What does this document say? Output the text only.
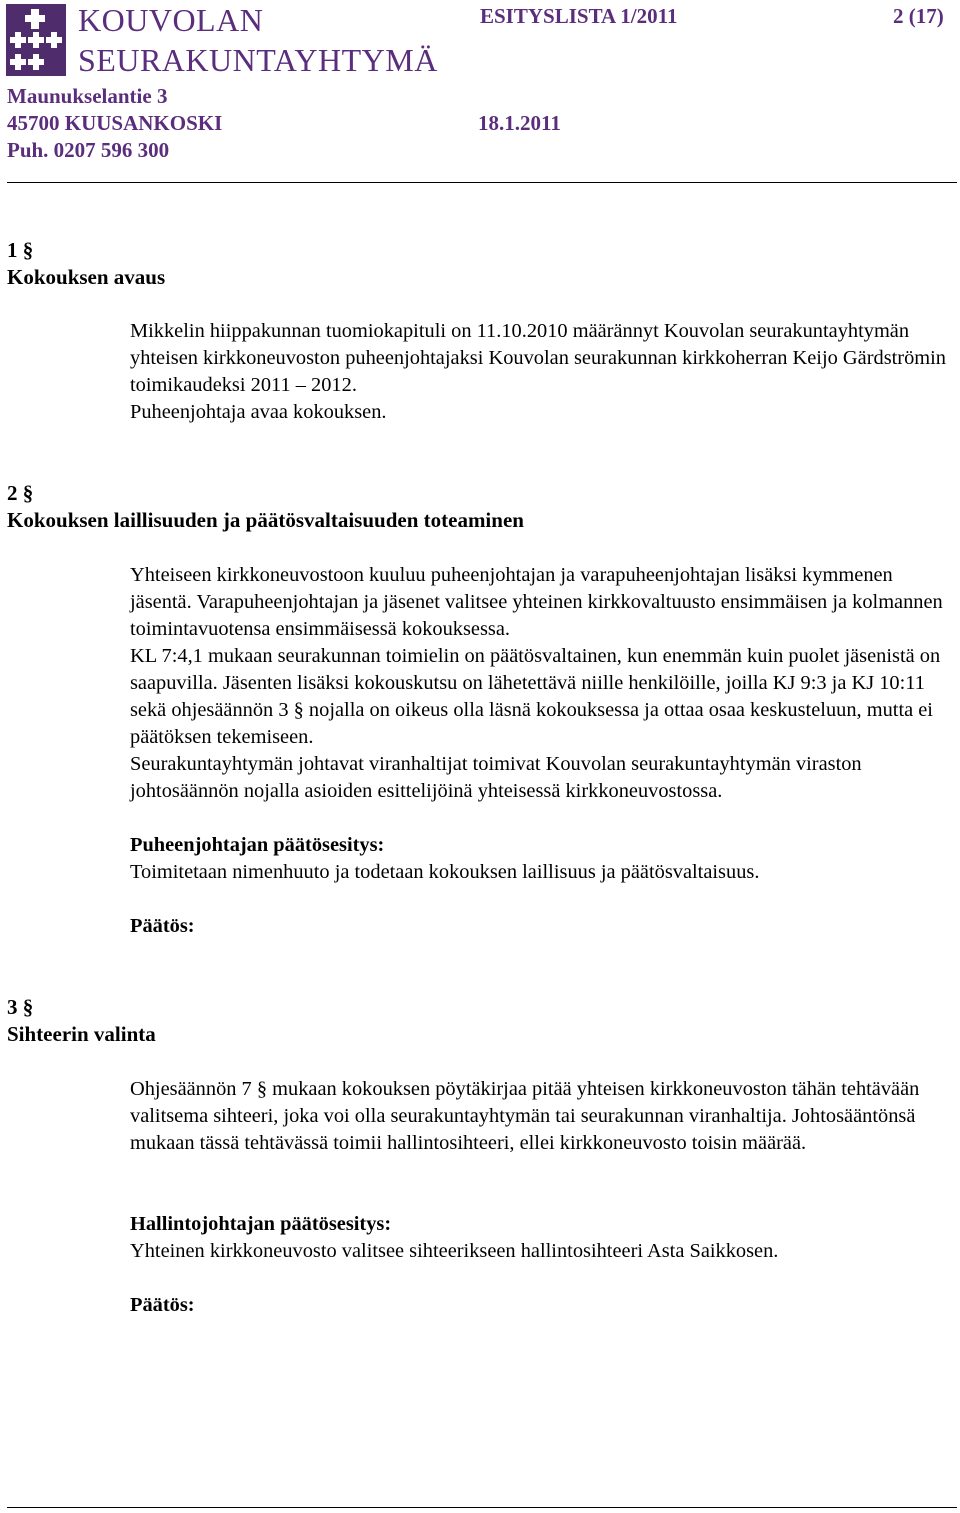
KOUVOLAN
SEURAKUNTAYHTYMÄ
ESITYSLISTA 1/2011	2 (17)
Maunukselantie 3
45700 KUUSANKOSKI	18.1.2011
Puh. 0207 596 300
1 §
Kokouksen avaus
Mikkelin hiippakunnan tuomiokapituli on 11.10.2010 määrännyt Kouvolan seurakuntayhtymän yhteisen kirkkoneuvoston puheenjohtajaksi Kouvolan seurakunnan kirkkoherran Keijo Gärdströmin toimikaudeksi 2011 – 2012.
Puheenjohtaja avaa kokouksen.
2 §
Kokouksen laillisuuden ja päätösvaltaisuuden toteaminen
Yhteiseen kirkkoneuvostoon kuuluu puheenjohtajan ja varapuheenjohtajan lisäksi kymmenen jäsentä. Varapuheenjohtajan ja jäsenet valitsee yhteinen kirkkovaltuusto ensimmäisen ja kolmannen toimintavuotensa ensimmäisessä kokouksessa.
KL 7:4,1 mukaan seurakunnan toimielin on päätösvaltainen, kun enemmän kuin puolet jäsenistä on saapuvilla. Jäsenten lisäksi kokouskutsu on lähetettävä niille henkilöille, joilla KJ 9:3 ja KJ 10:11 sekä ohjesäännön 3 § nojalla on oikeus olla läsnä kokouksessa ja ottaa osaa keskusteluun, mutta ei päätöksen tekemiseen.
Seurakuntayhtymän johtavat viranhaltijat toimivat Kouvolan seurakuntayhtymän viraston johtosäännön nojalla asioiden esittelijöinä yhteisessä kirkkoneuvostossa.
Puheenjohtajan päätösesitys:
Toimitetaan nimenhuuto ja todetaan kokouksen laillisuus ja päätösvaltaisuus.
Päätös:
3 §
Sihteerin valinta
Ohjesäännön 7 § mukaan kokouksen pöytäkirjaa pitää yhteisen kirkkoneuvoston tähän tehtävään valitsema sihteeri, joka voi olla seurakuntayhtymän tai seurakunnan viranhaltija. Johtosääntönsä mukaan tässä tehtävässä toimii hallintosihteeri, ellei kirkkoneuvosto toisin määrää.
Hallintojohtajan päätösesitys:
Yhteinen kirkkoneuvosto valitsee sihteerikseen hallintosihteeri Asta Saikkosen.
Päätös:
